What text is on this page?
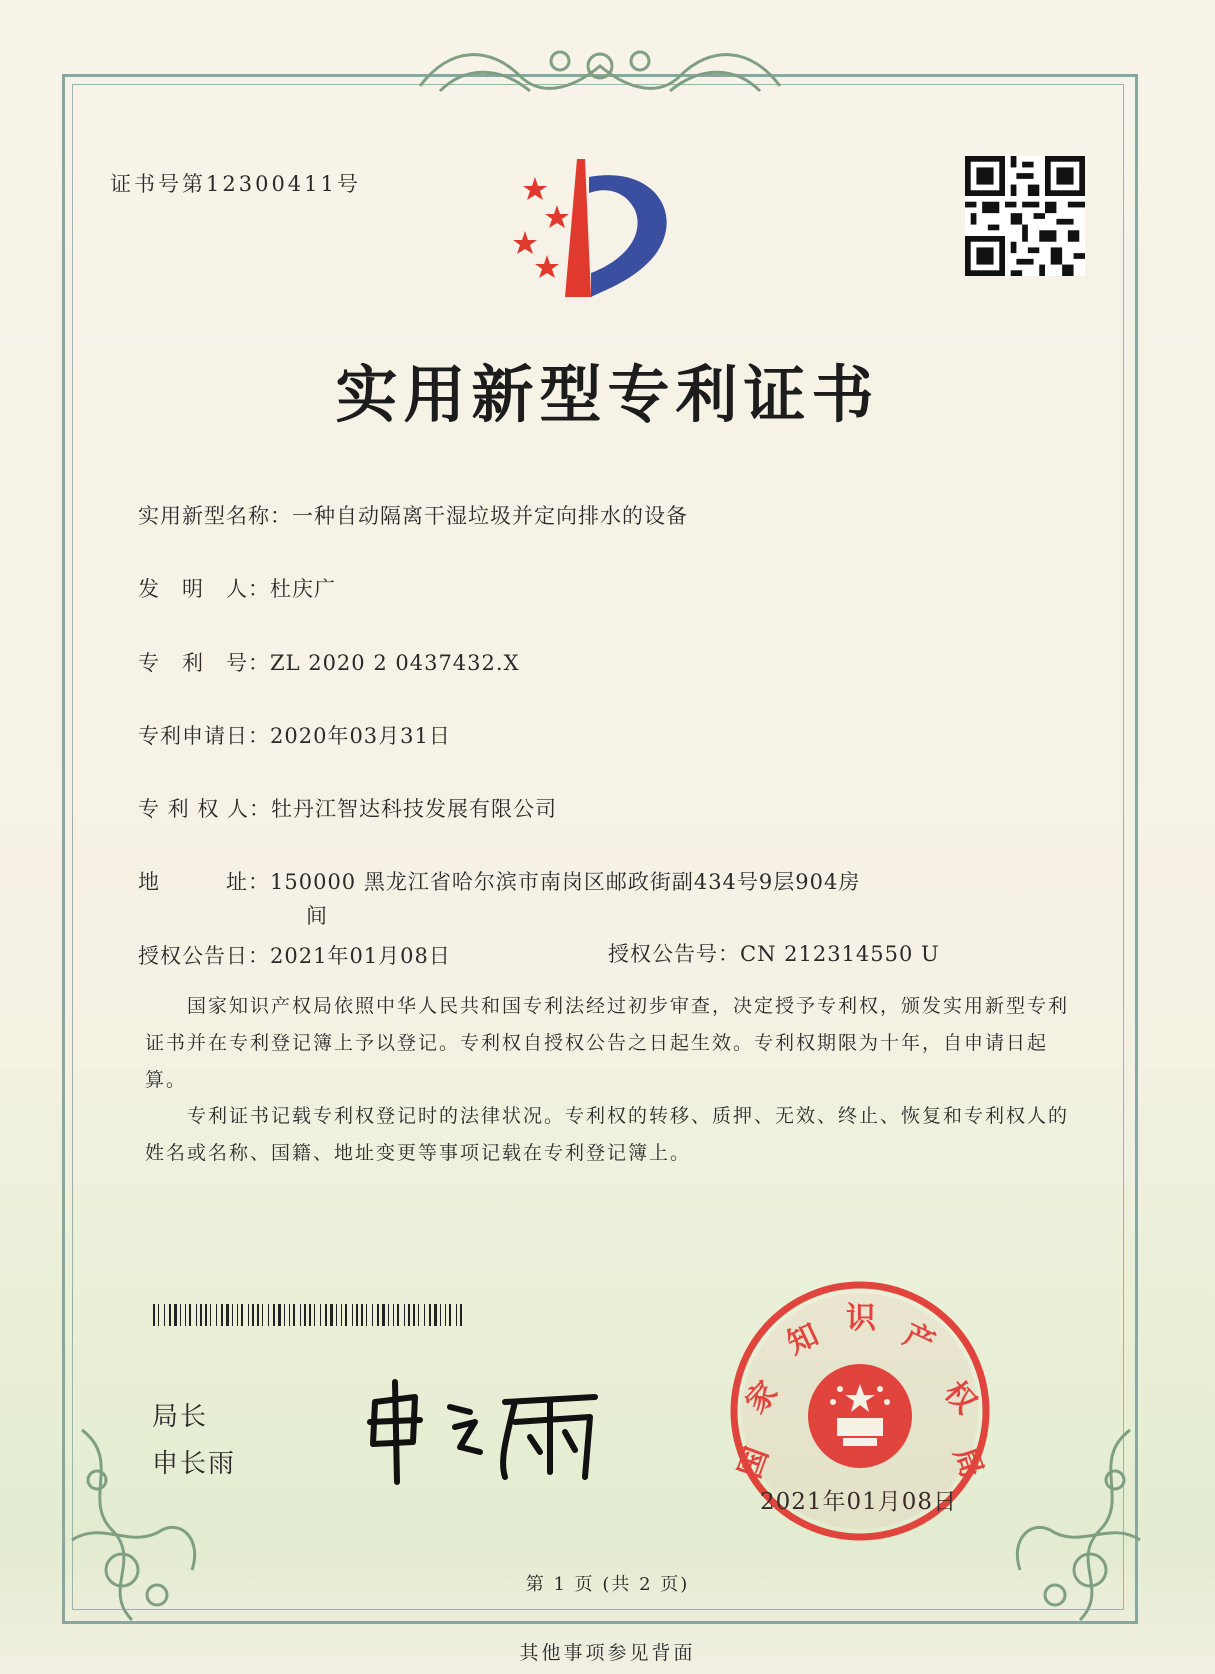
证书号第12300411号
实用新型专利证书
实用新型名称：一种自动隔离干湿垃圾并定向排水的设备
发　明　人：杜庆广
专　利　号：ZL 2020 2 0437432.X
专利申请日：2020年03月31日
专 利 权 人：牡丹江智达科技发展有限公司
地　　　址：150000 黑龙江省哈尔滨市南岗区邮政街副434号9层904房
间
授权公告日：2021年01月08日	授权公告号：CN 212314550 U
国家知识产权局依照中华人民共和国专利法经过初步审查，决定授予专利权，颁发实用新型专利证书并在专利登记簿上予以登记。专利权自授权公告之日起生效。专利权期限为十年，自申请日起算。
专利证书记载专利权登记时的法律状况。专利权的转移、质押、无效、终止、恢复和专利权人的姓名或名称、国籍、地址变更等事项记载在专利登记簿上。
局长
申长雨	国
家
知 识 产
权
局
2021年01月08日
第 1 页 (共 2 页)
其他事项参见背面
